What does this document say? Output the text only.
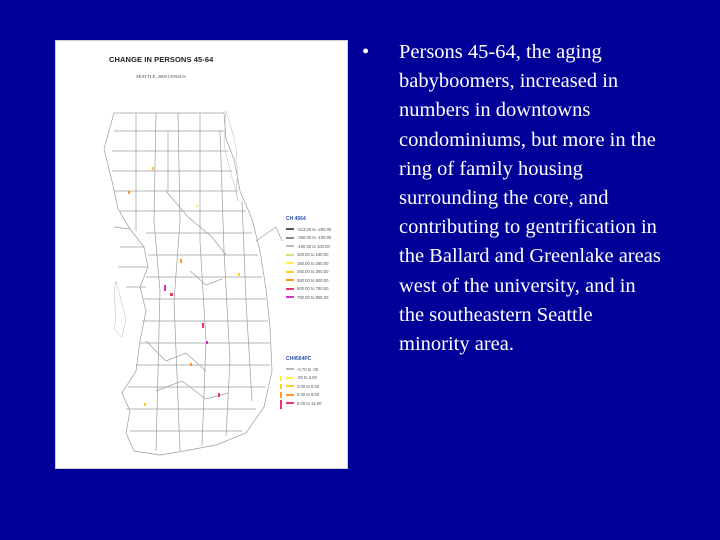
CHANGE IN PERSONS 45-64
SEATTLE, 2000 CENSUS
CH 4564
-513.00 to -250.00
-250.00 to -100.00
-100.00 to 100.00
100.00 to 180.00
180.00 to 260.00
260.00 to 350.00
350.00 to 500.00
500.00 to 790.00
790.00 to 855.00
CH4564PC
-0.70 to .00
.00 to 3.00
3.00 to 5.00
5.00 to 9.00
9.00 to 12.00
• Persons 45-64, the aging babyboomers, increased in numbers in downtowns condominiums, but more in the ring of family housing surrounding the core, and contributing to gentrification in the Ballard and Greenlake areas west of the university, and in the southeastern Seattle minority area.
